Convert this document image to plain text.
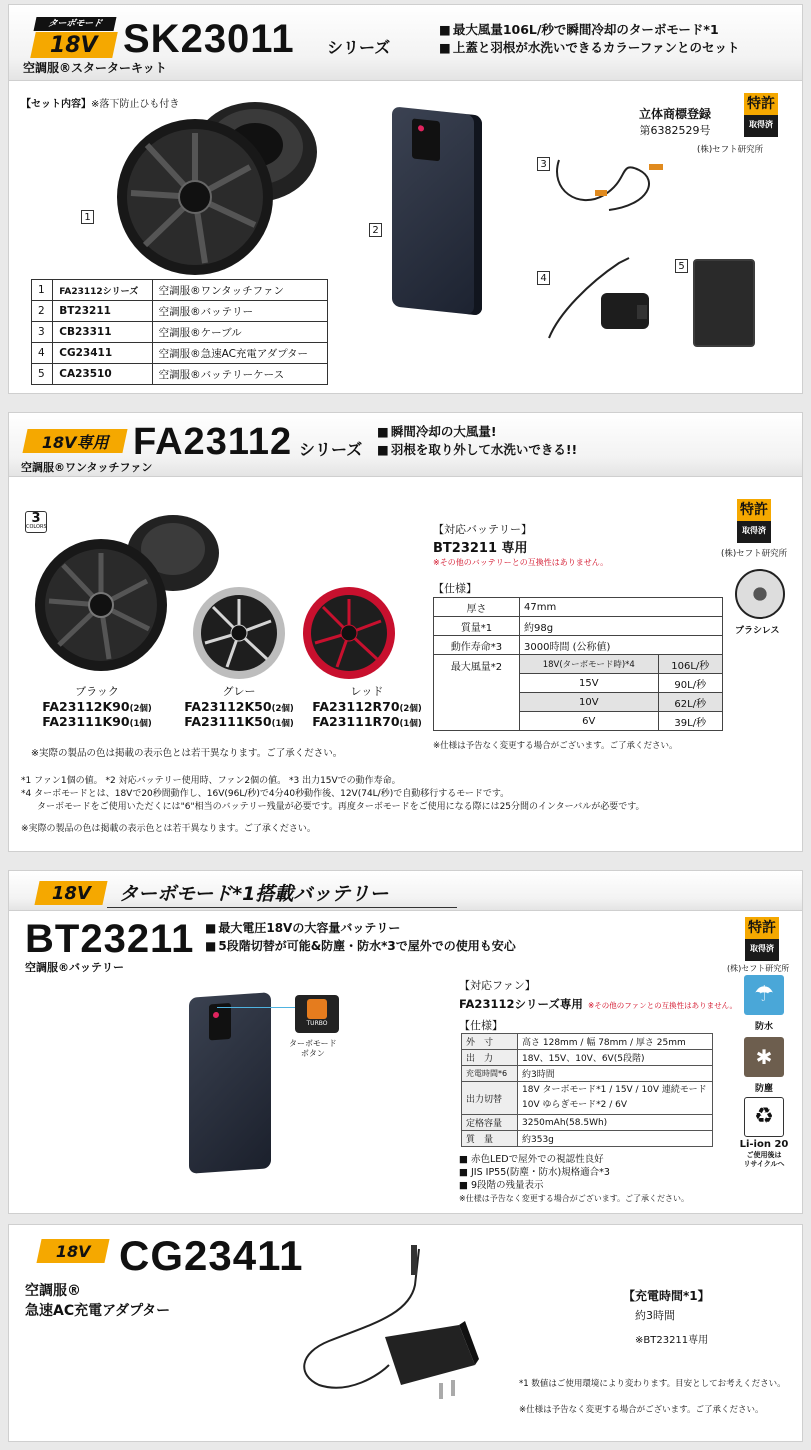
ターボモード
18V SK23011 シリーズ
空調服®スターターキット
■ 最大風量106L/秒で瞬間冷却のターボモード*1
■ 上蓋と羽根が水洗いできるカラーファンとのセット
【セット内容】※落下防止ひも付き
1
2
立体商標登録
第6382529号
特許
取得済
(株)セフト研究所
3
4
5
1	FA23112シリーズ	空調服®ワンタッチファン
2	BT23211	空調服®バッテリー
3	CB23311	空調服®ケーブル
4	CG23411	空調服®急速AC充電アダプター
5	CA23510	空調服®バッテリーケース
18V専用 FA23112 シリーズ
空調服®ワンタッチファン
■ 瞬間冷却の大風量!
■ 羽根を取り外して水洗いできる!!
3
COLORS
ブラック
FA23112K90(2個)
FA23111K90(1個)
グレー
FA23112K50(2個)
FA23111K50(1個)
レッド
FA23112R70(2個)
FA23111R70(1個)
※実際の製品の色は掲載の表示色とは若干異なります。ご了承ください。
【対応バッテリー】
BT23211 専用
※その他のバッテリーとの互換性はありません。
【仕様】
厚さ	47mm	
質量*1	約98g	
動作寿命*3	3000時間 (公称値)	
最大風量*2	18V(ターボモード時)*4	106L/秒
	15V	90L/秒
	10V	62L/秒
	6V	39L/秒
※仕様は予告なく変更する場合がございます。ご了承ください。
特許
取得済
(株)セフト研究所
ブラシレス
*1 ファン1個の値。 *2 対応バッテリー使用時、ファン2個の値。 *3 出力15Vでの動作寿命。
*4 ターボモードとは、18Vで20秒間動作し、16V(96L/秒)で4分40秒動作後、12V(74L/秒)で自動移行するモードです。
ターボモードをご使用いただくには"6"相当のバッテリー残量が必要です。再度ターボモードをご使用になる際には25分間のインターバルが必要です。
※実際の製品の色は掲載の表示色とは若干異なります。ご了承ください。
18V ターボモード*1搭載バッテリー
BT23211
空調服®バッテリー
■ 最大電圧18Vの大容量バッテリー
■ 5段階切替が可能&防塵・防水*3で屋外での使用も安心
TURBO
ターボモード
ボタン
【対応ファン】
FA23112シリーズ専用 ※その他のファンとの互換性はありません。
【仕様】
外　寸	高さ 128mm / 幅 78mm / 厚さ 25mm
出　力	18V、15V、10V、6V(5段階)
充電時間*6	約3時間
出力切替	18V ターボモード*1 / 15V / 10V 連続モード
10V ゆらぎモード*2 / 6V

定格容量	3250mAh(58.5Wh)
質　量	約353g
■ 赤色LEDで屋外での視認性良好
■ JIS IP55(防塵・防水)規格適合*3
■ 9段階の残量表示
※仕様は予告なく変更する場合がございます。ご了承ください。
特許
取得済
(株)セフト研究所
☂
防水
✱
防塵
♻
Li-ion 20
ご使用後は
リサイクルへ
18V CG23411
空調服®
急速AC充電アダプター
【充電時間*1】
約3時間
※BT23211専用
*1 数値はご使用環境により変わります。目安としてお考えください。
※仕様は予告なく変更する場合がございます。ご了承ください。
